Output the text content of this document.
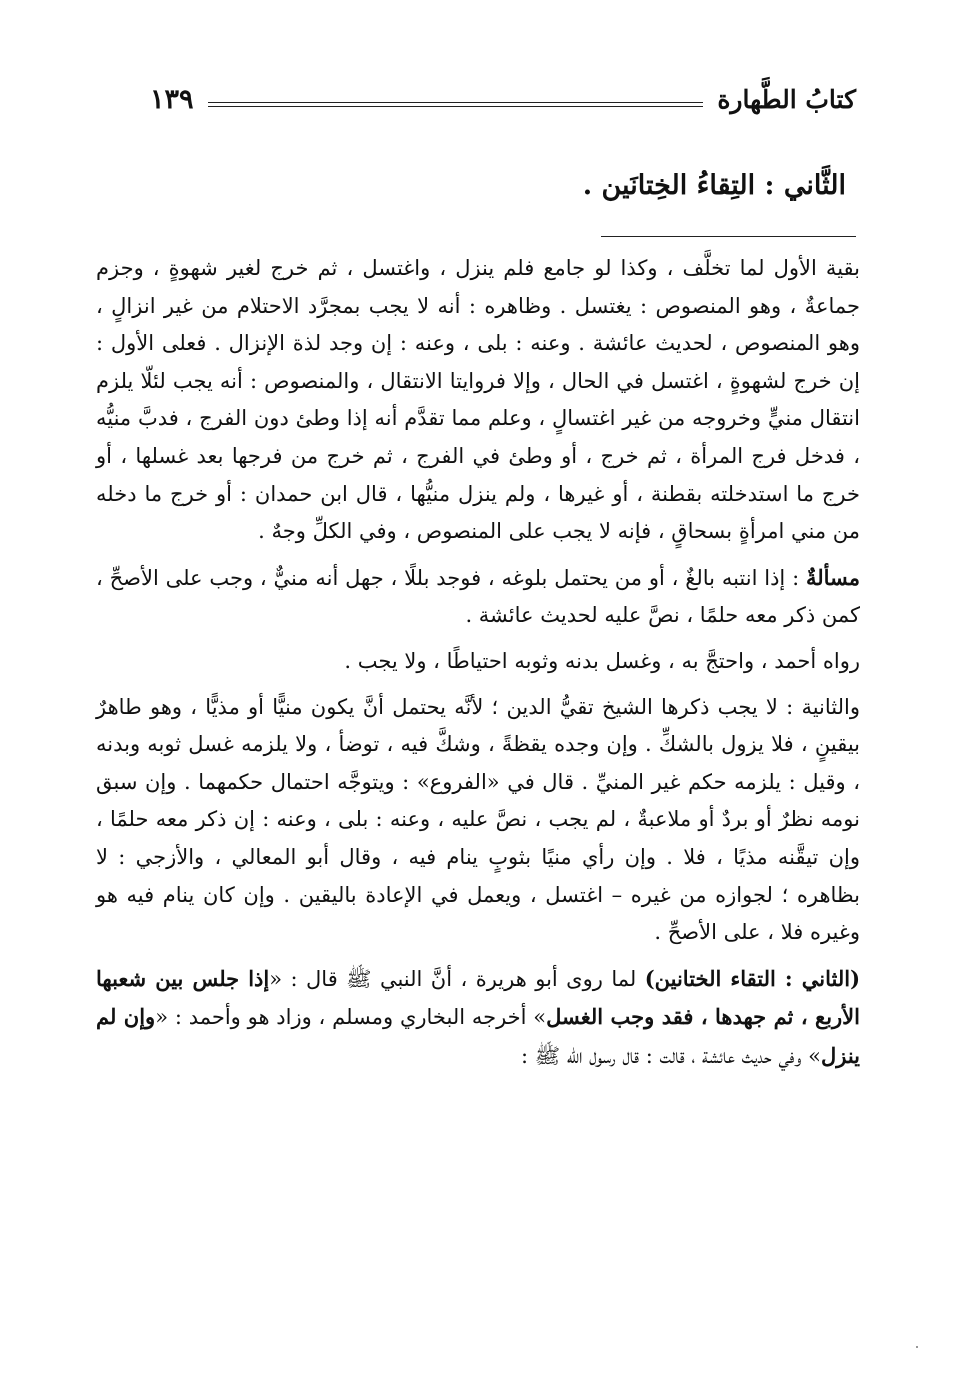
كتابُ الطَّهارة
١٣٩
الثَّاني : التِقاءُ الخِتانَين .

بقية الأول لما تخلَّف ، وكذا لو جامع فلم ينزل ، واغتسل ، ثم خرج لغير شهوةٍ ، وجزم جماعةٌ ، وهو المنصوص : يغتسل . وظاهره : أنه لا يجب بمجرَّد الاحتلام من غير انزالٍ ، وهو المنصوص ، لحديث عائشة . وعنه : بلى ، وعنه : إن وجد لذة الإنزال . فعلى الأول : إن خرج لشهوةٍ ، اغتسل في الحال ، وإلا فروايتا الانتقال ، والمنصوص : أنه يجب لئلّا يلزم انتقال منيٍّ وخروجه من غير اغتسالٍ ، وعلم مما تقدَّم أنه إذا وطئ دون الفرج ، فدبَّ منيُّه ، فدخل فرج المرأة ، ثم خرج ، أو وطئ في الفرج ، ثم خرج من فرجها بعد غسلها ، أو خرج ما استدخلته بقطنة ، أو غيرها ، ولم ينزل منيُّها ، قال ابن حمدان : أو خرج ما دخله من مني امرأةٍ بسحاقٍ ، فإنه لا يجب على المنصوص ، وفي الكلِّ وجهٌ .

مسألةٌ : إذا انتبه بالغٌ ، أو من يحتمل بلوغه ، فوجد بللًا ، جهل أنه منيٌّ ، وجب على الأصحِّ ، كمن ذكر معه حلمًا ، نصَّ عليه لحديث عائشة .

رواه أحمد ، واحتجَّ به ، وغسل بدنه وثوبه احتياطًا ، ولا يجب .

والثانية : لا يجب ذكرها الشيخ تقيُّ الدين ؛ لأنَّه يحتمل أنَّ يكون منيًّا أو مذيًّا ، وهو طاهرٌ بيقينٍ ، فلا يزول بالشكِّ . وإن وجده يقظةً ، وشكَّ فيه ، توضأ ، ولا يلزمه غسل ثوبه وبدنه ، وقيل : يلزمه حكم غير المنيِّ . قال في «الفروع» : ويتوجَّه احتمال حكمهما . وإن سبق نومه نظرٌ أو بردٌ أو ملاعبةٌ ، لم يجب ، نصَّ عليه ، وعنه : بلى ، وعنه : إن ذكر معه حلمًا ، وإن تيقَّنه مذيًا ، فلا . وإن رأي منيًا بثوبٍ ينام فيه ، وقال أبو المعالي ، والأزجي : لا بظاهره ؛ لجوازه من غيره – اغتسل ، ويعمل في الإعادة باليقين . وإن كان ينام فيه هو وغيره فلا ، على الأصحِّ .

(الثاني : التقاء الختانين) لما روى أبو هريرة ، أنَّ النبي ﷺ قال : «إذا جلس بين شعبها الأربع ، ثم جهدها ، فقد وجب الغسل» أخرجه البخاري ومسلم ، وزاد هو وأحمد : «وإن لم ينزل» وفي حديث عائشة ، قالت : قال رسول الله ﷺ :
